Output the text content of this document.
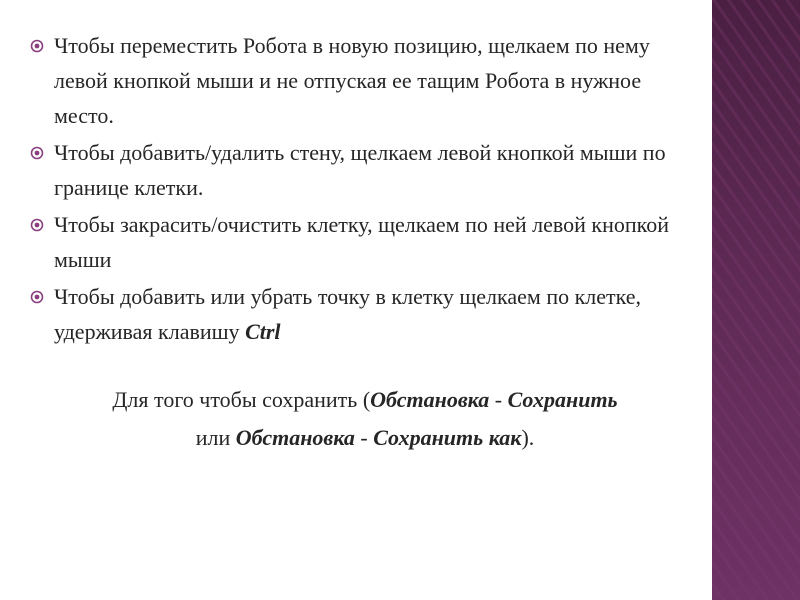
Чтобы переместить Робота в новую позицию, щелкаем по нему левой кнопкой мыши и не отпуская ее тащим Робота в нужное место.
Чтобы добавить/удалить стену, щелкаем левой кнопкой мыши по границе клетки.
Чтобы закрасить/очистить клетку, щелкаем по ней левой кнопкой мыши
Чтобы добавить или убрать точку в клетку щелкаем по клетке, удерживая клавишу Ctrl
Для того чтобы сохранить (Обстановка - Сохранить
или Обстановка - Сохранить как).
